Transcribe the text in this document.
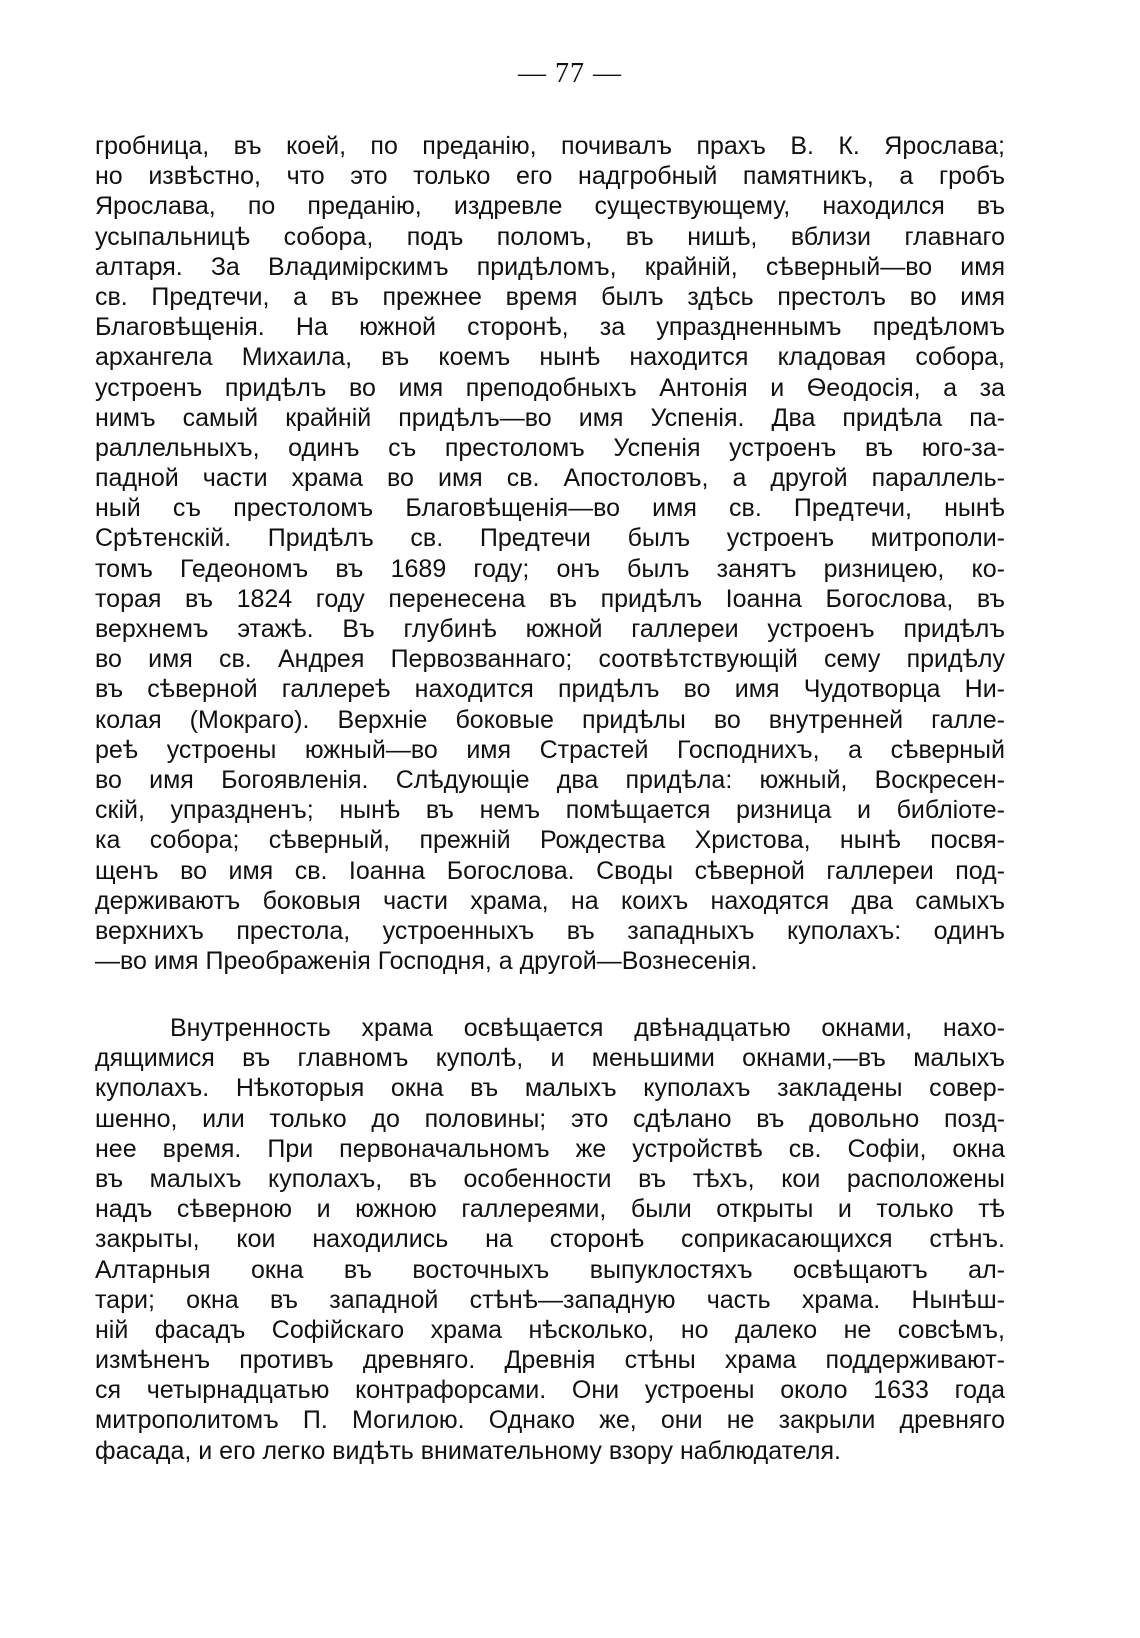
— 77 —
гробница, въ коей, по преданію, почивалъ прахъ В. К. Ярослава;
но извѣстно, что это только его надгробный памятникъ, а гробъ
Ярослава, по преданію, издревле существующему, находился въ
усыпальницѣ собора, подъ поломъ, въ нишѣ, вблизи главнаго
алтаря. За Владимірскимъ придѣломъ, крайній, сѣверный—во имя
св. Предтечи, а въ прежнее время былъ здѣсь престолъ во имя
Благовѣщенія. На южной сторонѣ, за упраздненнымъ предѣломъ
архангела Михаила, въ коемъ нынѣ находится кладовая собора,
устроенъ придѣлъ во имя преподобныхъ Антонія и Ѳеодосія, а за
нимъ самый крайній придѣлъ—во имя Успенія. Два придѣла па-
раллельныхъ, одинъ съ престоломъ Успенія устроенъ въ юго-за-
падной части храма во имя св. Апостоловъ, а другой параллель-
ный съ престоломъ Благовѣщенія—во имя св. Предтечи, нынѣ
Срѣтенскій. Придѣлъ св. Предтечи былъ устроенъ митрополи-
томъ Гедеономъ въ 1689 году; онъ былъ занятъ ризницею, ко-
торая въ 1824 году перенесена въ придѣлъ Іоанна Богослова, въ
верхнемъ этажѣ. Въ глубинѣ южной галлереи устроенъ придѣлъ
во имя св. Андрея Первозваннаго; соотвѣтствующій сему придѣлу
въ сѣверной галлереѣ находится придѣлъ во имя Чудотворца Ни-
колая (Мокраго). Верхніе боковые придѣлы во внутренней галле-
реѣ устроены южный—во имя Страстей Господнихъ, а сѣверный
во имя Богоявленія. Слѣдующіе два придѣла: южный, Воскресен-
скій, упраздненъ; нынѣ въ немъ помѣщается ризница и библіоте-
ка собора; сѣверный, прежній Рождества Христова, нынѣ посвя-
щенъ во имя св. Іоанна Богослова. Своды сѣверной галлереи под-
держиваютъ боковыя части храма, на коихъ находятся два самыхъ
верхнихъ престола, устроенныхъ въ западныхъ куполахъ: одинъ
—во имя Преображенія Господня, а другой—Вознесенія.
Внутренность храма освѣщается двѣнадцатью окнами, нахо-
дящимися въ главномъ куполѣ, и меньшими окнами,—въ малыхъ
куполахъ. Нѣкоторыя окна въ малыхъ куполахъ закладены совер-
шенно, или только до половины; это сдѣлано въ довольно позд-
нее время. При первоначальномъ же устройствѣ св. Софіи, окна
въ малыхъ куполахъ, въ особенности въ тѣхъ, кои расположены
надъ сѣверною и южною галлереями, были открыты и только тѣ
закрыты, кои находились на сторонѣ соприкасающихся стѣнъ.
Алтарныя окна въ восточныхъ выпуклостяхъ освѣщаютъ ал-
тари; окна въ западной стѣнѣ—западную часть храма. Нынѣш-
ній фасадъ Софійскаго храма нѣсколько, но далеко не совсѣмъ,
измѣненъ противъ древняго. Древнія стѣны храма поддерживают-
ся четырнадцатью контрафорсами. Они устроены около 1633 года
митрополитомъ П. Могилою. Однако же, они не закрыли древняго
фасада, и его легко видѣть внимательному взору наблюдателя.
